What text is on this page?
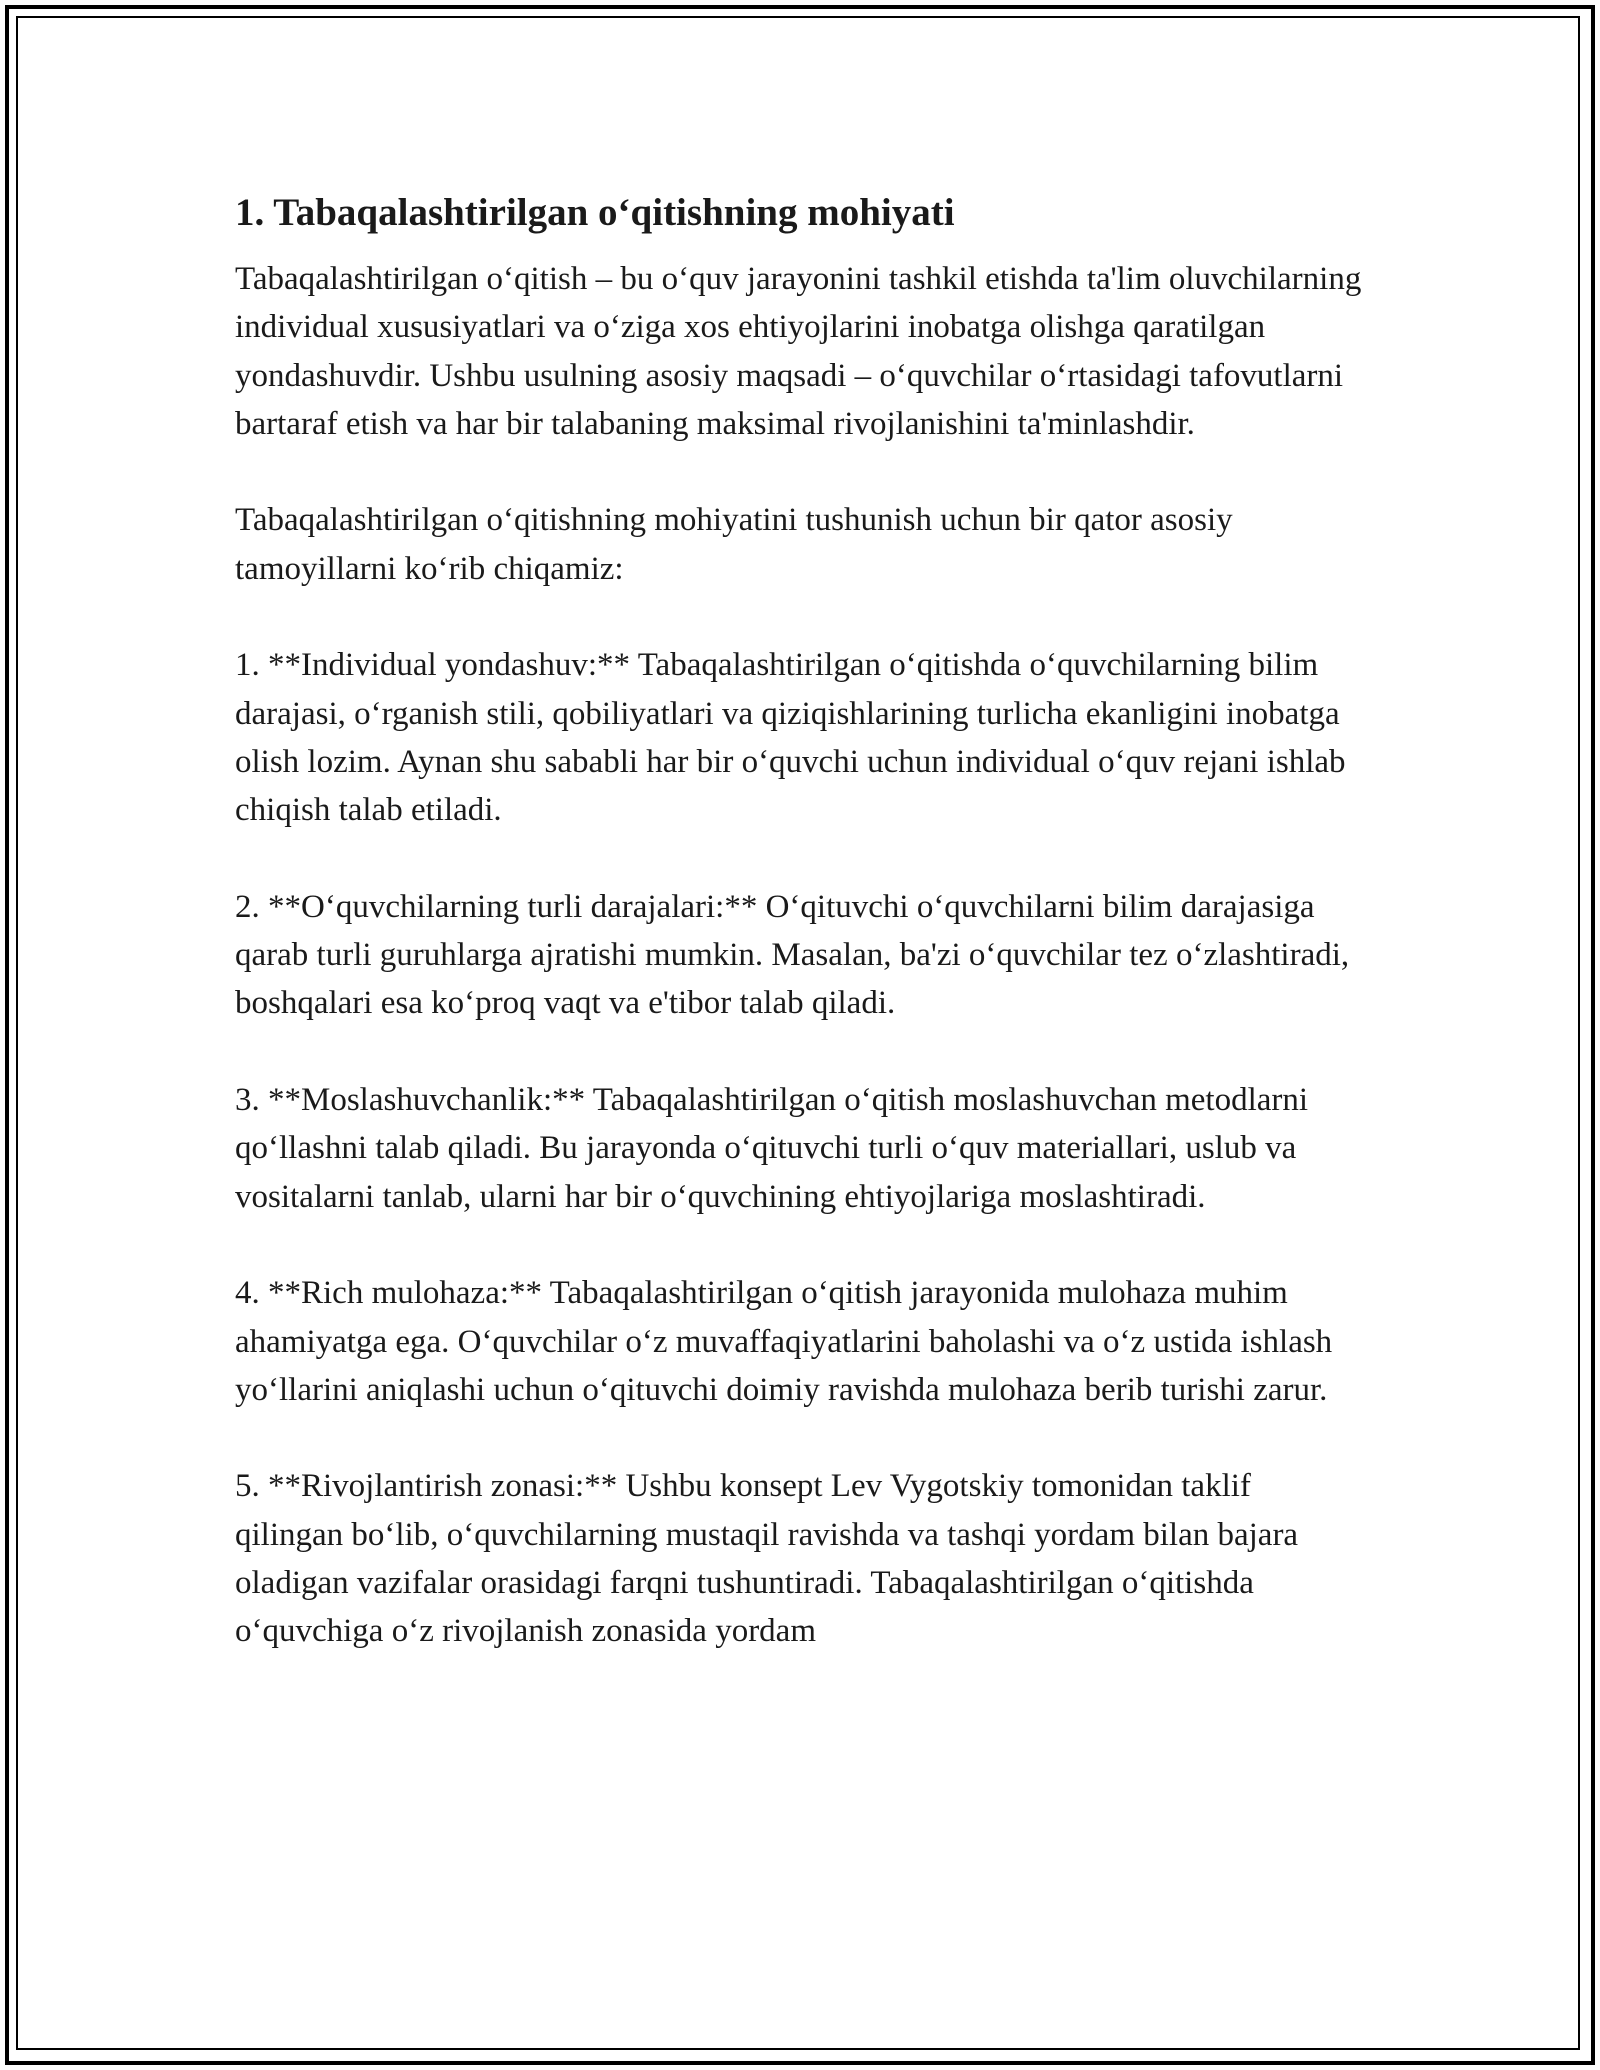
1. Tabaqalashtirilgan o‘qitishning mohiyati

Tabaqalashtirilgan o‘qitish – bu o‘quv jarayonini tashkil etishda ta'lim oluvchilarning individual xususiyatlari va o‘ziga xos ehtiyojlarini inobatga olishga qaratilgan yondashuvdir. Ushbu usulning asosiy maqsadi – o‘quvchilar o‘rtasidagi tafovutlarni bartaraf etish va har bir talabaning maksimal rivojlanishini ta'minlashdir.

Tabaqalashtirilgan o‘qitishning mohiyatini tushunish uchun bir qator asosiy tamoyillarni ko‘rib chiqamiz:

1. **Individual yondashuv:** Tabaqalashtirilgan o‘qitishda o‘quvchilarning bilim darajasi, o‘rganish stili, qobiliyatlari va qiziqishlarining turlicha ekanligini inobatga olish lozim. Aynan shu sababli har bir o‘quvchi uchun individual o‘quv rejani ishlab chiqish talab etiladi.

2. **O‘quvchilarning turli darajalari:** O‘qituvchi o‘quvchilarni bilim darajasiga qarab turli guruhlarga ajratishi mumkin. Masalan, ba'zi o‘quvchilar tez o‘zlashtiradi, boshqalari esa ko‘proq vaqt va e'tibor talab qiladi.

3. **Moslashuvchanlik:** Tabaqalashtirilgan o‘qitish moslashuvchan metodlarni qo‘llashni talab qiladi. Bu jarayonda o‘qituvchi turli o‘quv materiallari, uslub va vositalarni tanlab, ularni har bir o‘quvchining ehtiyojlariga moslashtiradi.

4. **Rich mulohaza:** Tabaqalashtirilgan o‘qitish jarayonida mulohaza muhim ahamiyatga ega. O‘quvchilar o‘z muvaffaqiyatlarini baholashi va o‘z ustida ishlash yo‘llarini aniqlashi uchun o‘qituvchi doimiy ravishda mulohaza berib turishi zarur.

5. **Rivojlantirish zonasi:** Ushbu konsept Lev Vygotskiy tomonidan taklif qilingan bo‘lib, o‘quvchilarning mustaqil ravishda va tashqi yordam bilan bajara oladigan vazifalar orasidagi farqni tushuntiradi. Tabaqalashtirilgan o‘qitishda o‘quvchiga o‘z rivojlanish zonasida yordam
